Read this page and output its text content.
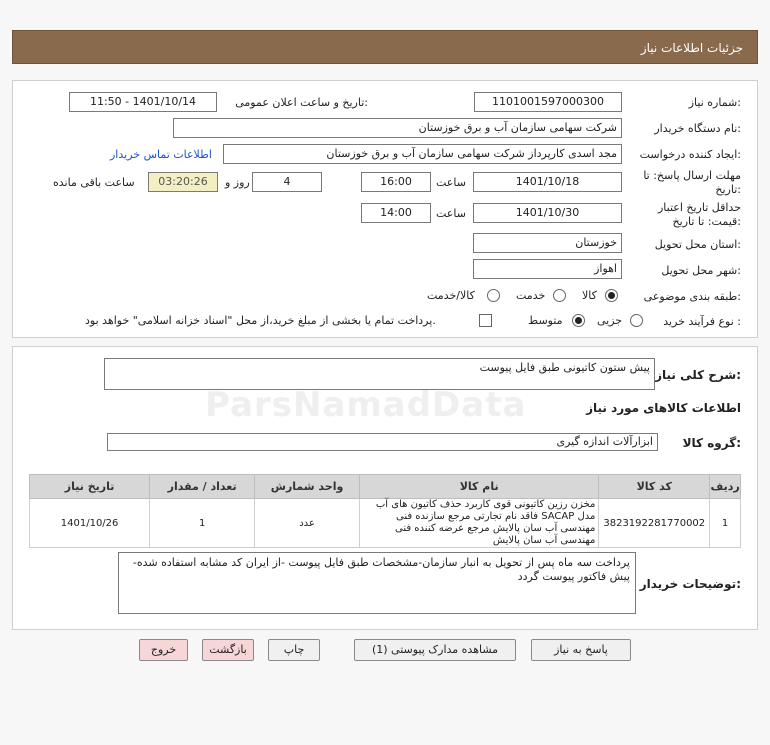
جزئیات اطلاعات نیاز
شماره نیاز:
1101001597000300
تاریخ و ساعت اعلان عمومی:
1401/10/14 - 11:50
نام دستگاه خریدار:
شرکت سهامی سازمان آب و برق خوزستان
ایجاد کننده درخواست:
مجد اسدی کارپرداز شرکت سهامی سازمان آب و برق خوزستان
اطلاعات تماس خریدار
مهلت ارسال پاسخ: تا
تاریخ:
1401/10/18
ساعت
16:00
4
روز و
03:20:26
ساعت باقی مانده
حداقل تاریخ اعتبار
قیمت: تا تاریخ:
1401/10/30
ساعت
14:00
استان محل تحویل:
خوزستان
شهر محل تحویل:
اهواز
طبقه بندی موضوعی:
کالا
خدمت
کالا/خدمت
نوع فرآیند خرید :
جزیی
متوسط
پرداخت تمام یا بخشی از مبلغ خرید،از محل "اسناد خزانه اسلامی" خواهد بود.
شرح کلی نیاز:
پیش ستون کاتیونی طبق فایل پیوست
اطلاعات کالاهای مورد نیاز
گروه کالا:
ابزارآلات اندازه گیری
تاریخ نیاز	تعداد / مقدار	واحد شمارش	نام کالا	کد کالا	ردیف
1401/10/26	1	عدد	مخزن رزین کاتیونی قوی کاربرد حذف کاتیون های آب مدل SACAP فاقد نام تجارتی مرجع سازنده فنی مهندسی آب سان پالایش مرجع عرضه کننده فنی مهندسی آب سان پالایش	3823192281770002	1
توضیحات خریدار:
پرداخت سه ماه پس از تحویل به انبار سازمان-مشخصات طبق فایل پیوست -از ایران کد مشابه استفاده شده-پیش فاکتور پیوست گردد
پاسخ به نیاز
مشاهده مدارک پیوستی (1)
چاپ
بازگشت
خروج
